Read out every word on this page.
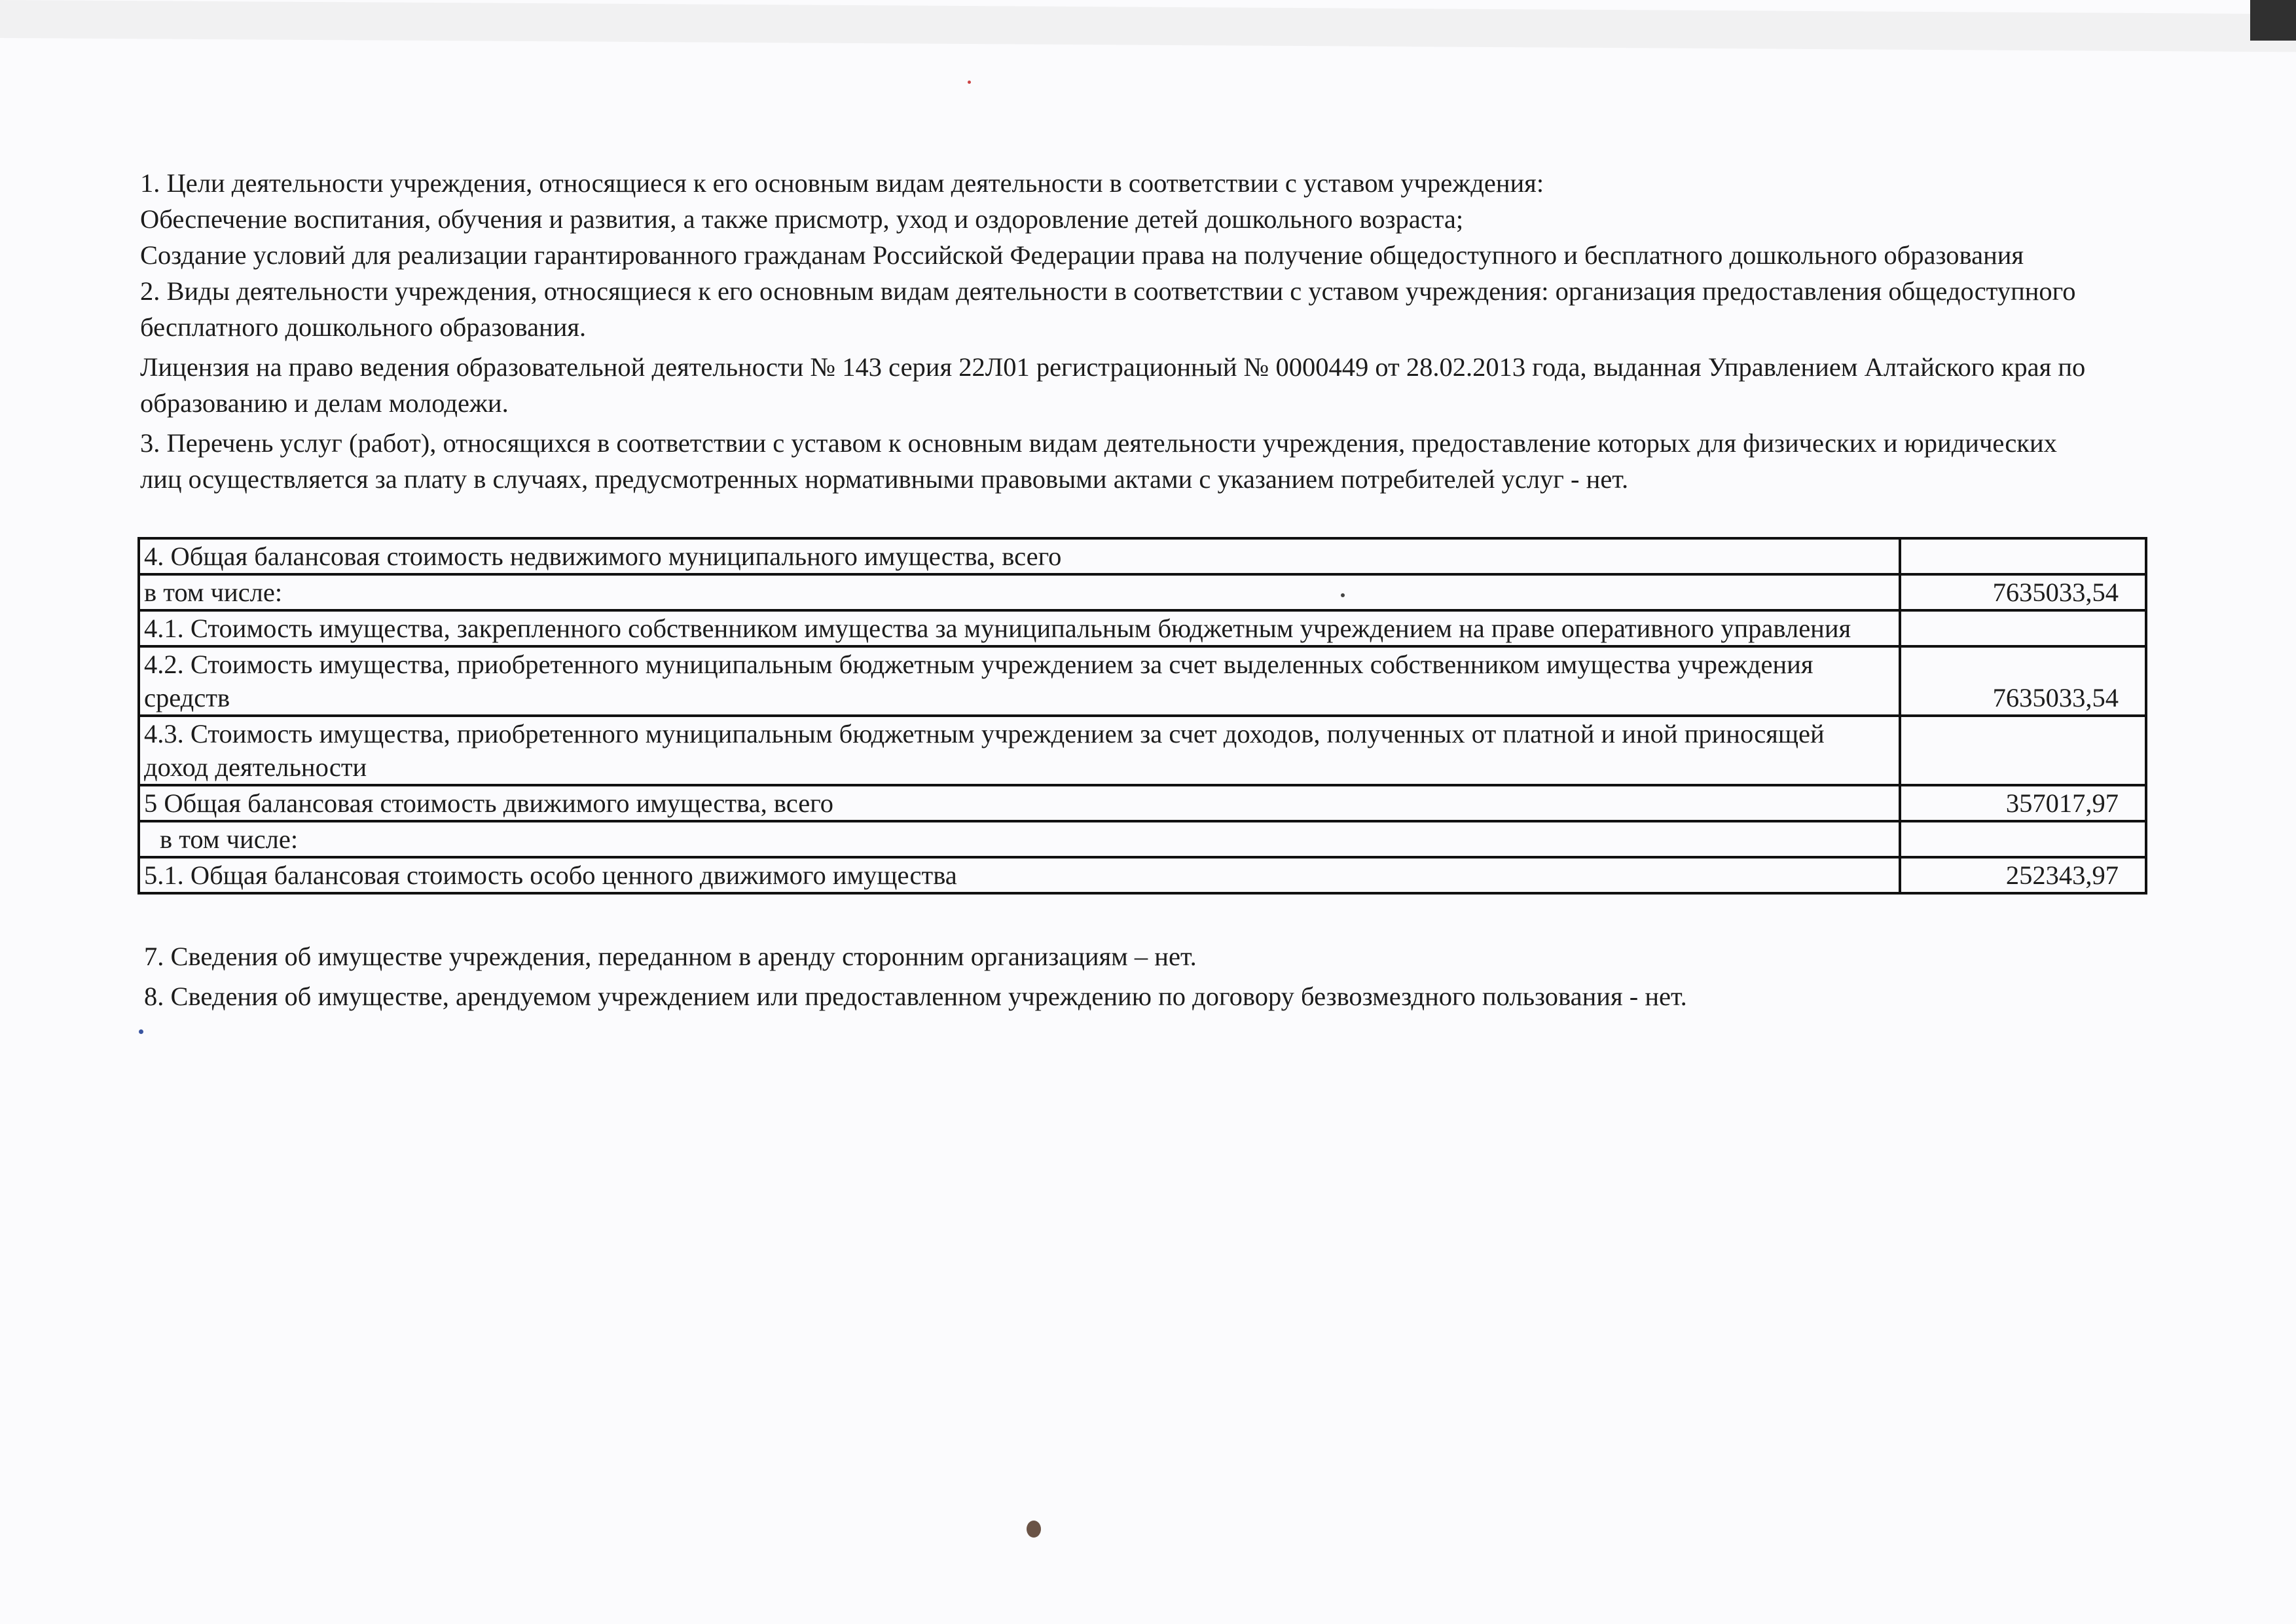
1. Цели деятельности учреждения, относящиеся к его основным видам деятельности в соответствии с уставом учреждения:

Обеспечение воспитания, обучения и развития, а также присмотр, уход и оздоровление детей дошкольного возраста;

Создание условий для реализации гарантированного гражданам Российской Федерации права на получение общедоступного и бесплатного дошкольного образования

2. Виды деятельности учреждения, относящиеся к его основным видам деятельности в соответствии с уставом учреждения: организация предоставления общедоступного бесплатного дошкольного образования.

Лицензия на право ведения образовательной деятельности № 143 серия 22Л01 регистрационный № 0000449 от 28.02.2013 года, выданная Управлением Алтайского края по образованию и делам молодежи.

3. Перечень услуг (работ), относящихся в соответствии с уставом к основным видам деятельности учреждения, предоставление которых для физических и юридических лиц осуществляется за плату в случаях, предусмотренных нормативными правовыми актами с указанием потребителей услуг - нет.

4. Общая балансовая стоимость недвижимого муниципального имущества, всего	
в том числе:	7635033,54
4.1. Стоимость имущества, закрепленного собственником имущества за муниципальным бюджетным учреждением на праве оперативного управления	
4.2. Стоимость имущества, приобретенного муниципальным бюджетным учреждением за счет выделенных собственником имущества учреждения средств	7635033,54
4.3. Стоимость имущества, приобретенного муниципальным бюджетным учреждением за счет доходов, полученных от платной и иной приносящей доход деятельности	
5 Общая балансовая стоимость движимого имущества, всего	357017,97
в том числе:	
5.1. Общая балансовая стоимость особо ценного движимого имущества	252343,97

7. Сведения об имуществе учреждения, переданном в аренду сторонним организациям – нет.

8. Сведения об имуществе, арендуемом учреждением или предоставленном учреждению по договору безвозмездного пользования - нет.
